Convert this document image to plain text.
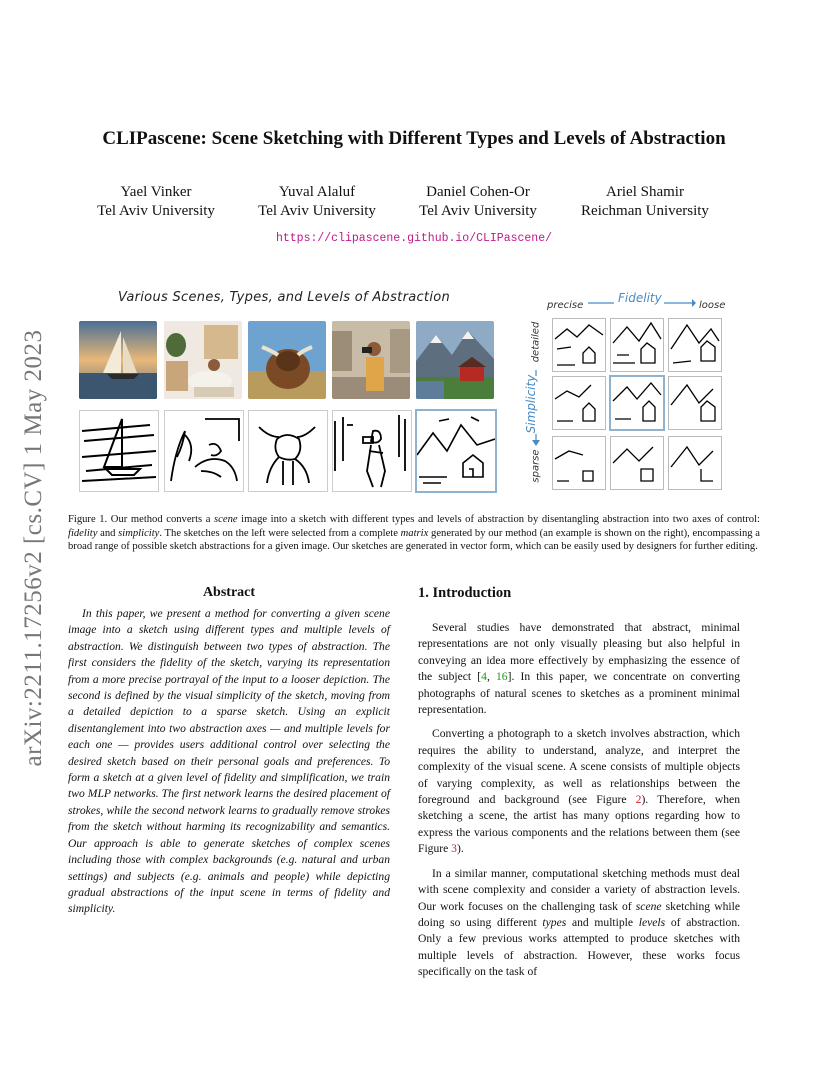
CLIPascene: Scene Sketching with Different Types and Levels of Abstraction
Yael Vinker
Tel Aviv University
Yuval Alaluf
Tel Aviv University
Daniel Cohen-Or
Tel Aviv University
Ariel Shamir
Reichman University
https://clipascene.github.io/CLIPascene/
arXiv:2211.17256v2 [cs.CV] 1 May 2023
Various Scenes, Types, and Levels of Abstraction
precise
Fidelity
loose
detailed
Simplicity
sparse
Figure 1. Our method converts a scene image into a sketch with different types and levels of abstraction by disentangling abstraction into two axes of control: fidelity and simplicity. The sketches on the left were selected from a complete matrix generated by our method (an example is shown on the right), encompassing a broad range of possible sketch abstractions for a given image. Our sketches are generated in vector form, which can be easily used by designers for further editing.
Abstract

In this paper, we present a method for converting a given scene image into a sketch using different types and multiple levels of abstraction. We distinguish between two types of abstraction. The first considers the fidelity of the sketch, varying its representation from a more precise portrayal of the input to a looser depiction. The second is defined by the visual simplicity of the sketch, moving from a detailed depiction to a sparse sketch. Using an explicit disentanglement into two abstraction axes — and multiple levels for each one — provides users additional control over selecting the desired sketch based on their personal goals and preferences. To form a sketch at a given level of fidelity and simplification, we train two MLP networks. The first network learns the desired placement of strokes, while the second network learns to gradually remove strokes from the sketch without harming its recognizability and semantics. Our approach is able to generate sketches of complex scenes including those with complex backgrounds (e.g. natural and urban settings) and subjects (e.g. animals and people) while depicting gradual abstractions of the input scene in terms of fidelity and simplicity.

1. Introduction

Several studies have demonstrated that abstract, minimal representations are not only visually pleasing but also helpful in conveying an idea more effectively by emphasizing the essence of the subject [4, 16]. In this paper, we concentrate on converting photographs of natural scenes to sketches as a prominent minimal representation.

Converting a photograph to a sketch involves abstraction, which requires the ability to understand, analyze, and interpret the complexity of the visual scene. A scene consists of multiple objects of varying complexity, as well as relationships between the foreground and background (see Figure 2). Therefore, when sketching a scene, the artist has many options regarding how to express the various components and the relations between them (see Figure 3).

In a similar manner, computational sketching methods must deal with scene complexity and consider a variety of abstraction levels. Our work focuses on the challenging task of scene sketching while doing so using different types and multiple levels of abstraction. Only a few previous works attempted to produce sketches with multiple levels of abstraction. However, these works focus specifically on the task of
